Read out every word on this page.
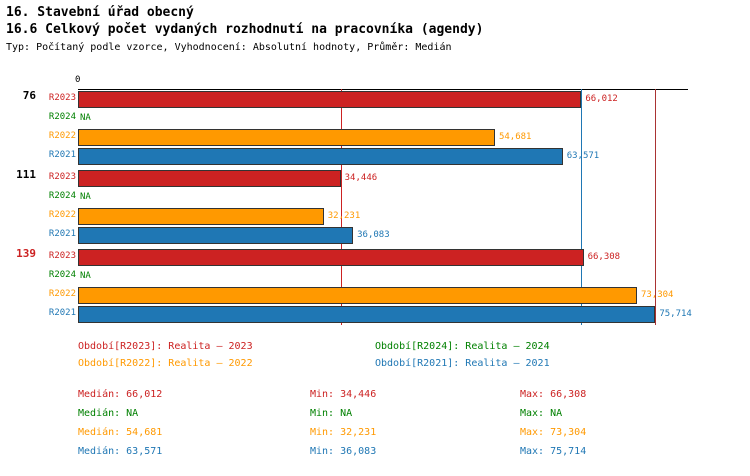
16. Stavební úřad obecný
16.6 Celkový počet vydaných rozhodnutí na pracovníka (agendy)
Typ: Počítaný podle vzorce, Vyhodnocení: Absolutní hodnoty, Průměr: Medián
0
76	R2023	66,012
R2024 NA
R2022	54,681
R2021	63,571
111	R2023	34,446
R2024 NA
R2022	32,231
R2021	36,083
139	R2023	66,308
R2024 NA
R2022	73,304
R2021	75,714
Období[R2023]: Realita – 2023	Období[R2024]: Realita – 2024
Období[R2022]: Realita – 2022	Období[R2021]: Realita – 2021
Medián: 66,012	Min: 34,446	Max: 66,308
Medián: NA	Min: NA	Max: NA
Medián: 54,681	Min: 32,231	Max: 73,304
Medián: 63,571	Min: 36,083	Max: 75,714
